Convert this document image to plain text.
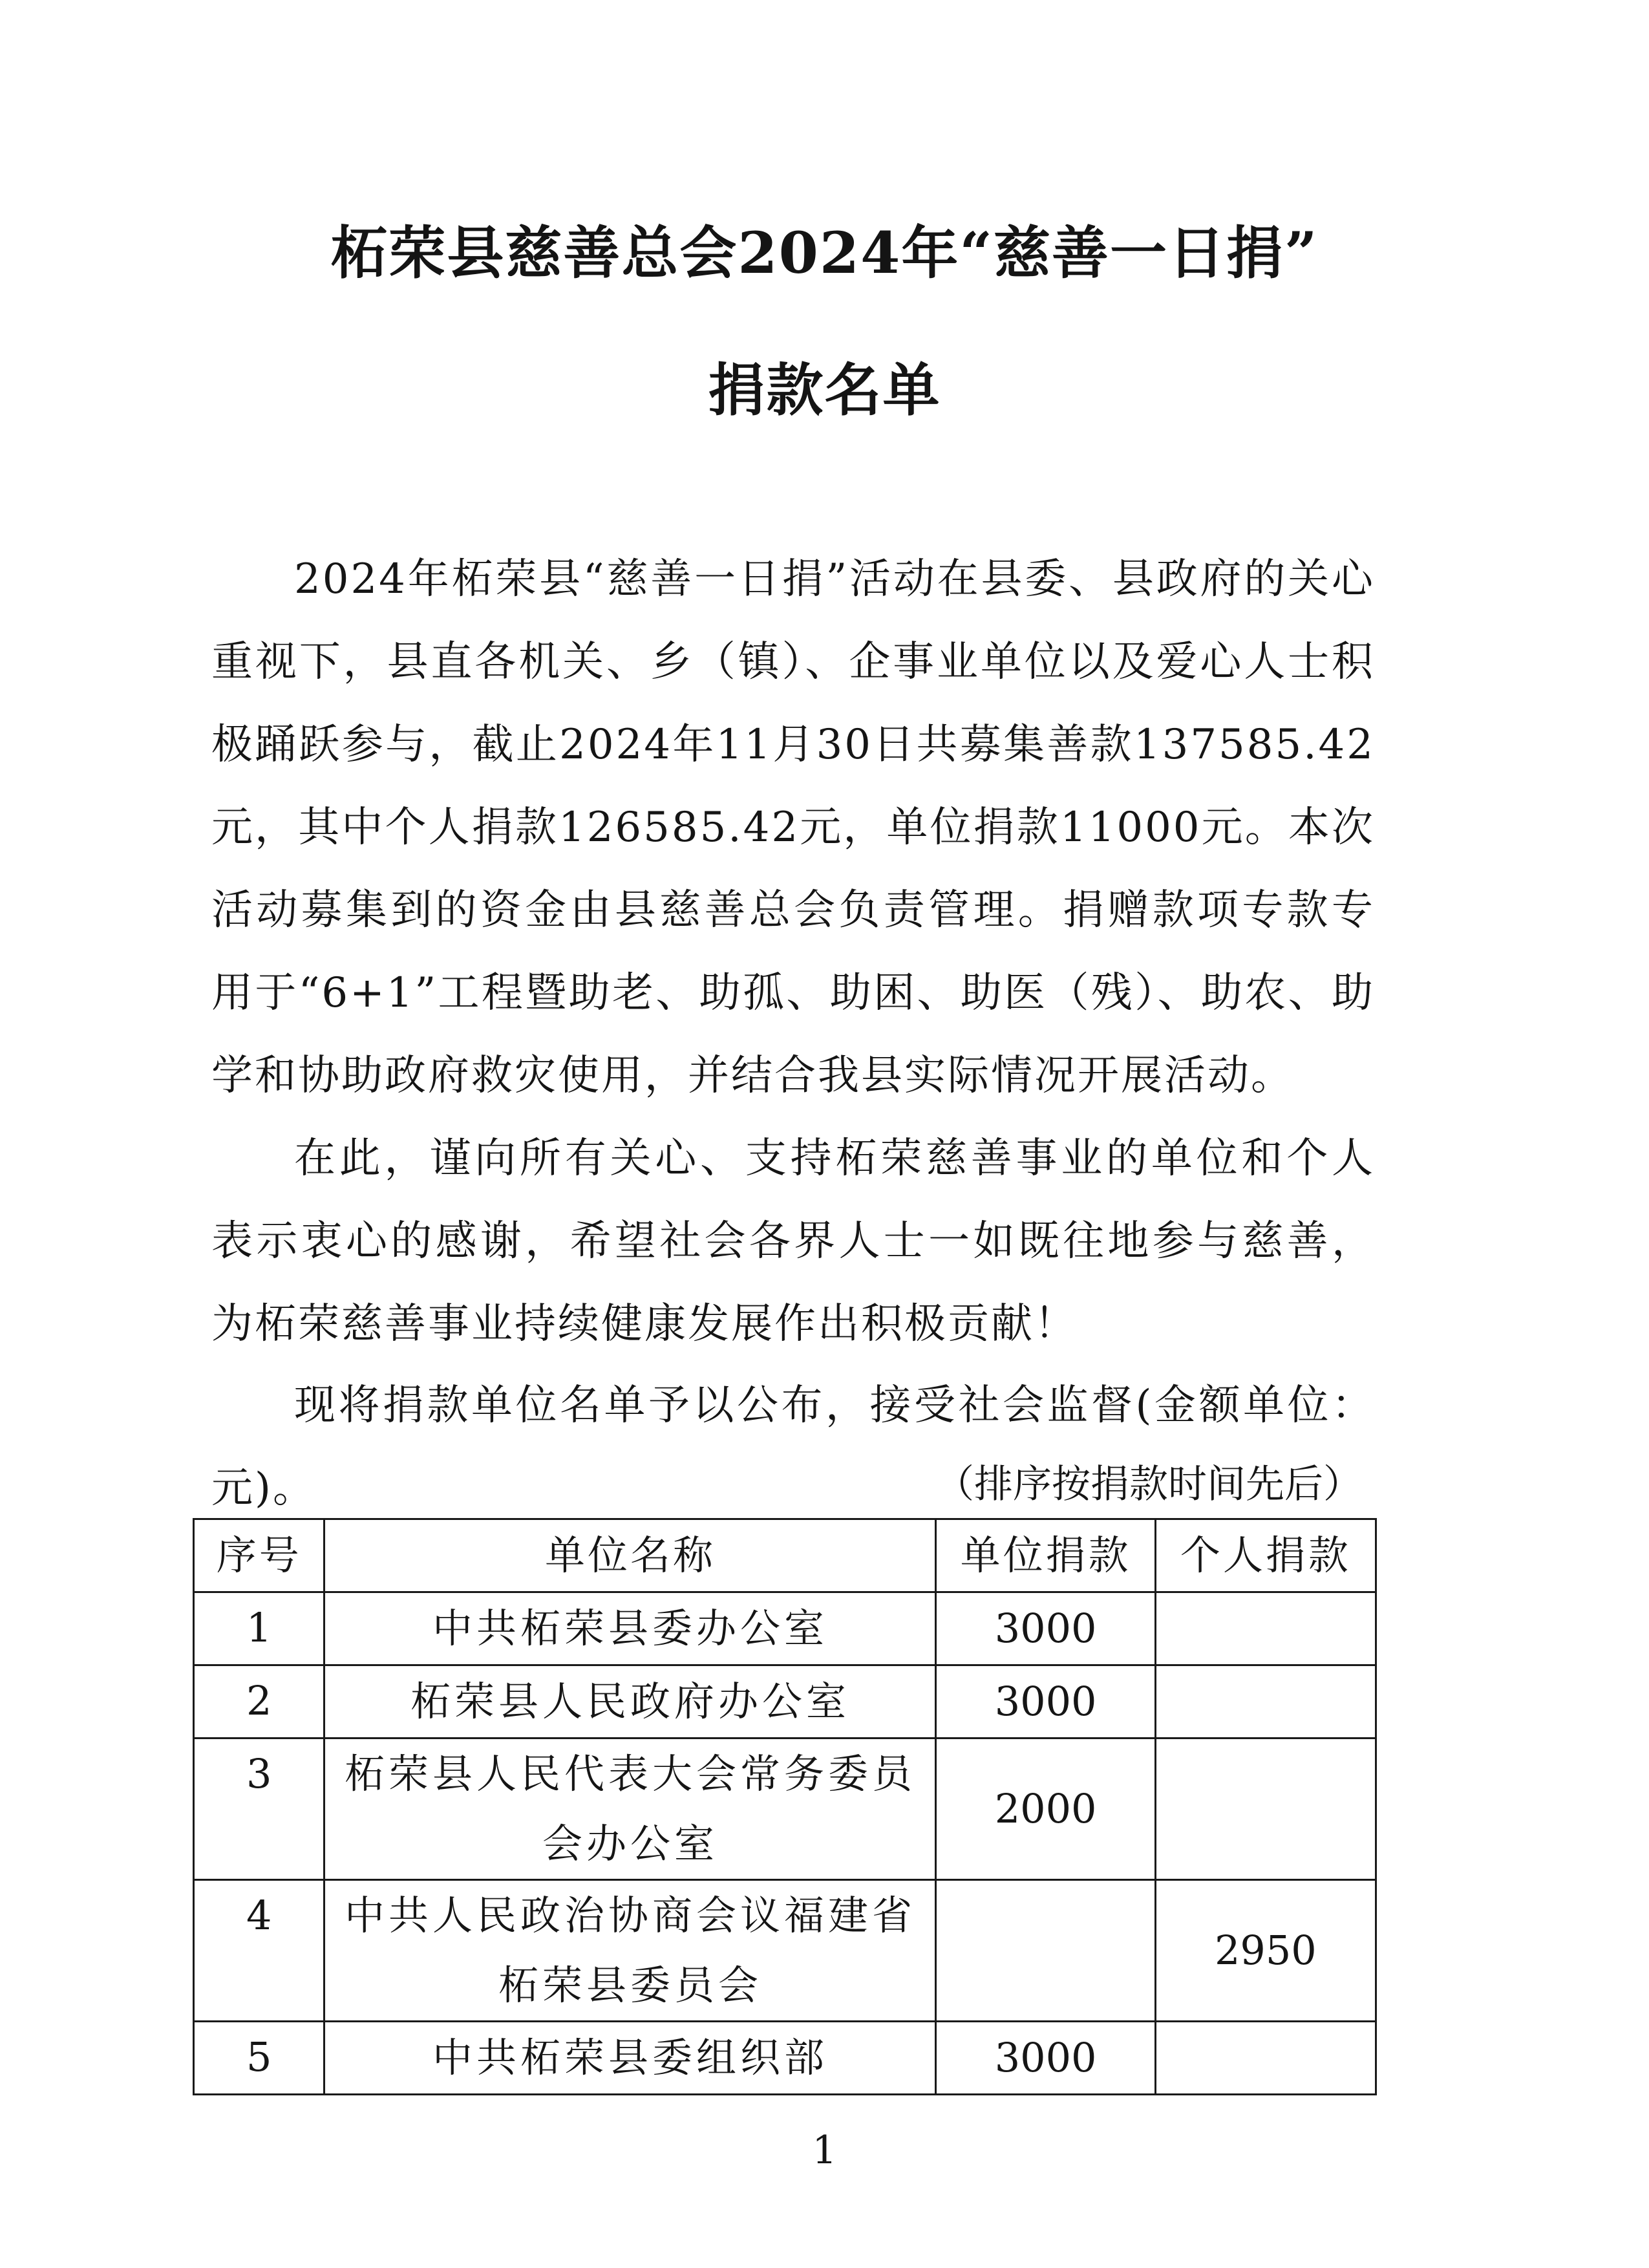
柘荣县慈善总会2024年“慈善一日捐”
捐款名单

2024年柘荣县“慈善一日捐”活动在县委、县政府的关心重视下，县直各机关、乡（镇）、企事业单位以及爱心人士积极踊跃参与，截止2024年11月30日共募集善款137585.42元，其中个人捐款126585.42元，单位捐款11000元。本次活动募集到的资金由县慈善总会负责管理。捐赠款项专款专用于“6+1”工程暨助老、助孤、助困、助医（残）、助农、助学和协助政府救灾使用，并结合我县实际情况开展活动。

在此，谨向所有关心、支持柘荣慈善事业的单位和个人表示衷心的感谢，希望社会各界人士一如既往地参与慈善，为柘荣慈善事业持续健康发展作出积极贡献！

现将捐款单位名单予以公布，接受社会监督(金额单位：元)。	（排序按捐款时间先后）
序号	单位名称	单位捐款	个人捐款
1	中共柘荣县委办公室	3000	
2	柘荣县人民政府办公室	3000	
3	柘荣县人民代表大会常务委员会办公室	2000	
4	中共人民政治协商会议福建省柘荣县委员会		2950
5	中共柘荣县委组织部	3000	
1
